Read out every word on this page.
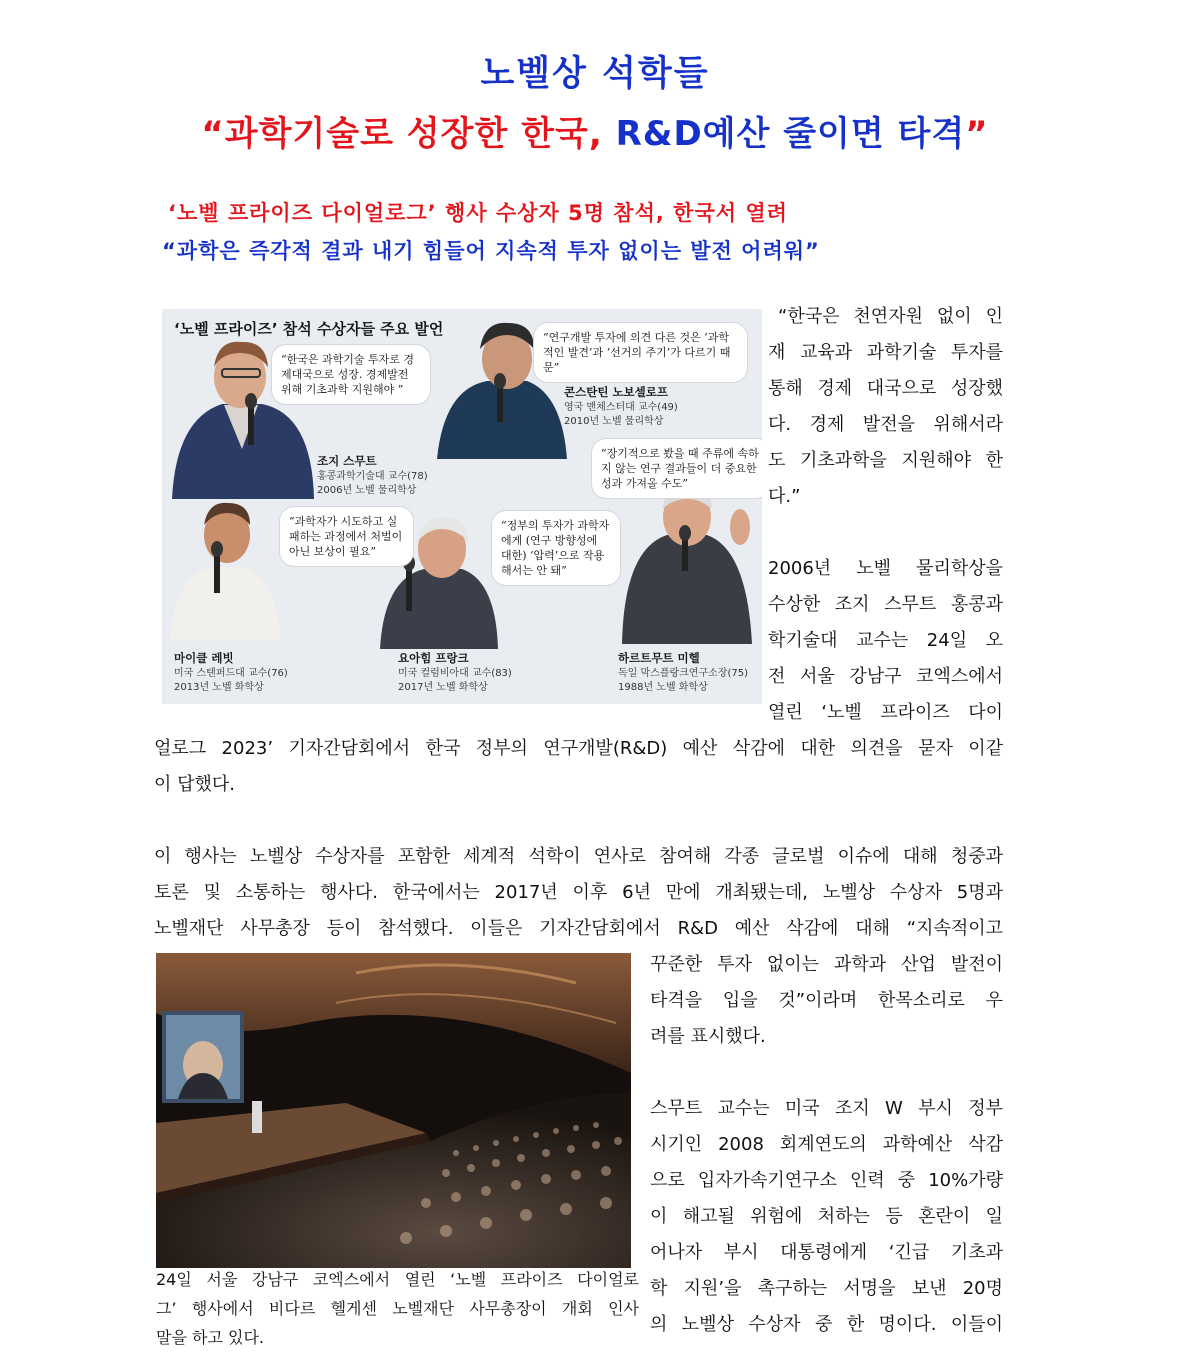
노벨상 석학들
“과학기술로 성장한 한국, R&D예산 줄이면 타격”
‘노벨 프라이즈 다이얼로그’ 행사 수상자 5명 참석, 한국서 열려
“과학은 즉각적 결과 내기 힘들어 지속적 투자 없이는 발전 어려워”
‘노벨 프라이즈’ 참석 수상자들 주요 발언
“한국은 과학기술 투자로 경제대국으로 성장. 경제발전 위해 기초과학 지원해야 ”
조지 스무트
홍콩과학기술대 교수(78)
2006년 노벨 물리학상
“연구개발 투자에 의견 다른 것은 ‘과학적인 발견’과 ‘선거의 주기’가 다르기 때문”
콘스탄틴 노보셀로프
영국 맨체스터대 교수(49)
2010년 노벨 물리학상
“장기적으로 봤을 때 주류에 속하지 않는 연구 결과들이 더 중요한 성과 가져올 수도”
하르트무트 미헬
독일 막스플랑크연구소장(75)
1988년 노벨 화학상
“과학자가 시도하고 실패하는 과정에서 처벌이 아닌 보상이 필요”
마이클 레빗
미국 스탠퍼드대 교수(76)
2013년 노벨 화학상
“정부의 투자가 과학자에게 (연구 방향성에 대한) ‘압력’으로 작용해서는 안 돼”
요아힘 프랑크
미국 컬럼비아대 교수(83)
2017년 노벨 화학상
“한국은 천연자원 없이 인
재 교육과 과학기술 투자를
통해 경제 대국으로 성장했
다. 경제 발전을 위해서라
도 기초과학을 지원해야 한
다.”
2006년 노벨 물리학상을
수상한 조지 스무트 홍콩과
학기술대 교수는 24일 오
전 서울 강남구 코엑스에서
열린 ‘노벨 프라이즈 다이
얼로그 2023’ 기자간담회에서 한국 정부의 연구개발(R&D) 예산 삭감에 대한 의견을 묻자 이같
이 답했다.
이 행사는 노벨상 수상자를 포함한 세계적 석학이 연사로 참여해 각종 글로벌 이슈에 대해 청중과
토론 및 소통하는 행사다. 한국에서는 2017년 이후 6년 만에 개최됐는데, 노벨상 수상자 5명과
노벨재단 사무총장 등이 참석했다. 이들은 기자간담회에서 R&D 예산 삭감에 대해 “지속적이고
꾸준한 투자 없이는 과학과 산업 발전이
타격을 입을 것”이라며 한목소리로 우
려를 표시했다.
스무트 교수는 미국 조지 W 부시 정부
시기인 2008 회계연도의 과학예산 삭감
으로 입자가속기연구소 인력 중 10%가량
이 해고될 위험에 처하는 등 혼란이 일
어나자 부시 대통령에게 ‘긴급 기초과
학 지원’을 촉구하는 서명을 보낸 20명
의 노벨상 수상자 중 한 명이다. 이들이
24일 서울 강남구 코엑스에서 열린 ‘노벨 프라이즈 다이얼로
그’ 행사에서 비다르 헬게센 노벨재단 사무총장이 개회 인사
말을 하고 있다.
